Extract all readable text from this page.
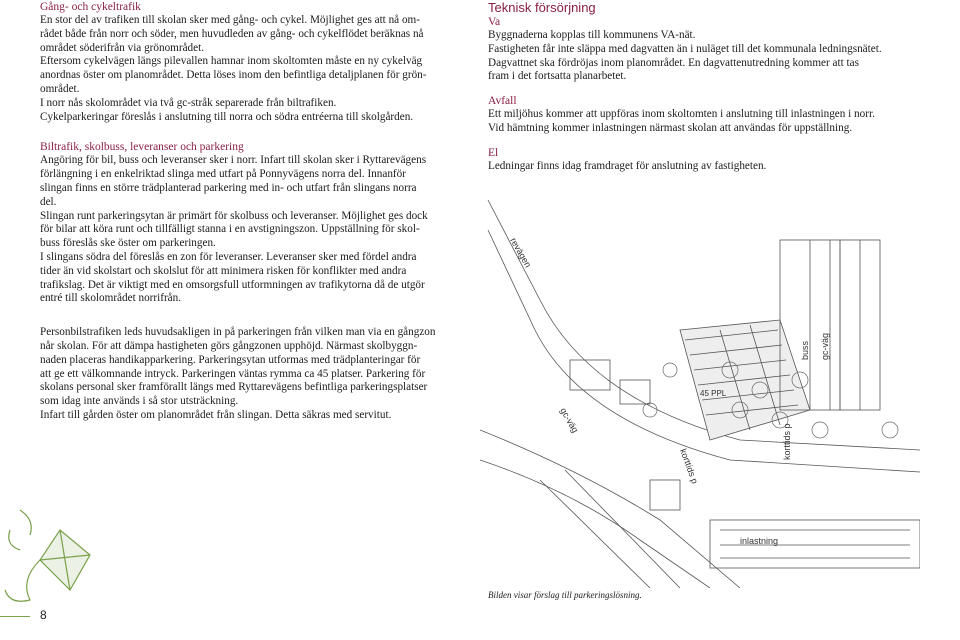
Gång- och cykeltrafik
En stor del av trafiken till skolan sker med gång- och cykel. Möjlighet ges att nå om-
rådet både från norr och söder, men huvudleden av gång- och cykelflödet beräknas nå
området söderifrån via grönområdet.
Eftersom cykelvägen längs pilevallen hamnar inom skoltomten måste en ny cykelväg
anordnas öster om planområdet. Detta löses inom den befintliga detaljplanen för grön-
området.
I norr nås skolområdet via två gc-stråk separerade från biltrafiken.
Cykelparkeringar föreslås i anslutning till norra och södra entréerna till skolgården.
Biltrafik, skolbuss, leveranser och parkering
Angöring för bil, buss och leveranser sker i norr. Infart till skolan sker i Ryttarevägens
förlängning i en enkelriktad slinga med utfart på Ponnyvägens norra del. Innanför
slingan finns en större trädplanterad parkering med in- och utfart från slingans norra
del.
Slingan runt parkeringsytan är primärt för skolbuss och leveranser. Möjlighet ges dock
för bilar att köra runt och tillfälligt stanna i en avstigningszon. Uppställning för skol-
buss föreslås ske öster om parkeringen.
I slingans södra del föreslås en zon för leveranser. Leveranser sker med fördel andra
tider än vid skolstart och skolslut för att minimera risken för konflikter med andra
trafikslag. Det är viktigt med en omsorgsfull utformningen av trafikytorna då de utgör
entré till skolområdet norrifrån.
Personbilstrafiken leds huvudsakligen in på parkeringen från vilken man via en gångzon
når skolan. För att dämpa hastigheten görs gångzonen upphöjd. Närmast skolbyggn-
naden placeras handikapparkering. Parkeringsytan utformas med trädplanteringar för
att ge ett välkomnande intryck. Parkeringen väntas rymma ca 45 platser. Parkering för
skolans personal sker framförallt längs med Ryttarevägens befintliga parkeringsplatser
som idag inte används i så stor utsträckning.
Infart till gården öster om planområdet från slingan. Detta säkras med servitut.
Teknisk försörjning
Va
Byggnaderna kopplas till kommunens VA-nät.
Fastigheten får inte släppa med dagvatten än i nuläget till det kommunala ledningsnätet.
Dagvattnet ska fördröjas inom planområdet. En dagvattenutredning kommer att tas
fram i det fortsatta planarbetet.
Avfall
Ett miljöhus kommer att uppföras inom skoltomten i anslutning till inlastningen i norr.
Vid hämtning kommer inlastningen närmast skolan att användas för uppställning.
El
Ledningar finns idag framdraget för anslutning av fastigheten.
revägen
45 PPL
buss gc-väg
inlastning
korttids p
korttids p
gc-väg
Bilden visar förslag till parkeringslösning.
8
